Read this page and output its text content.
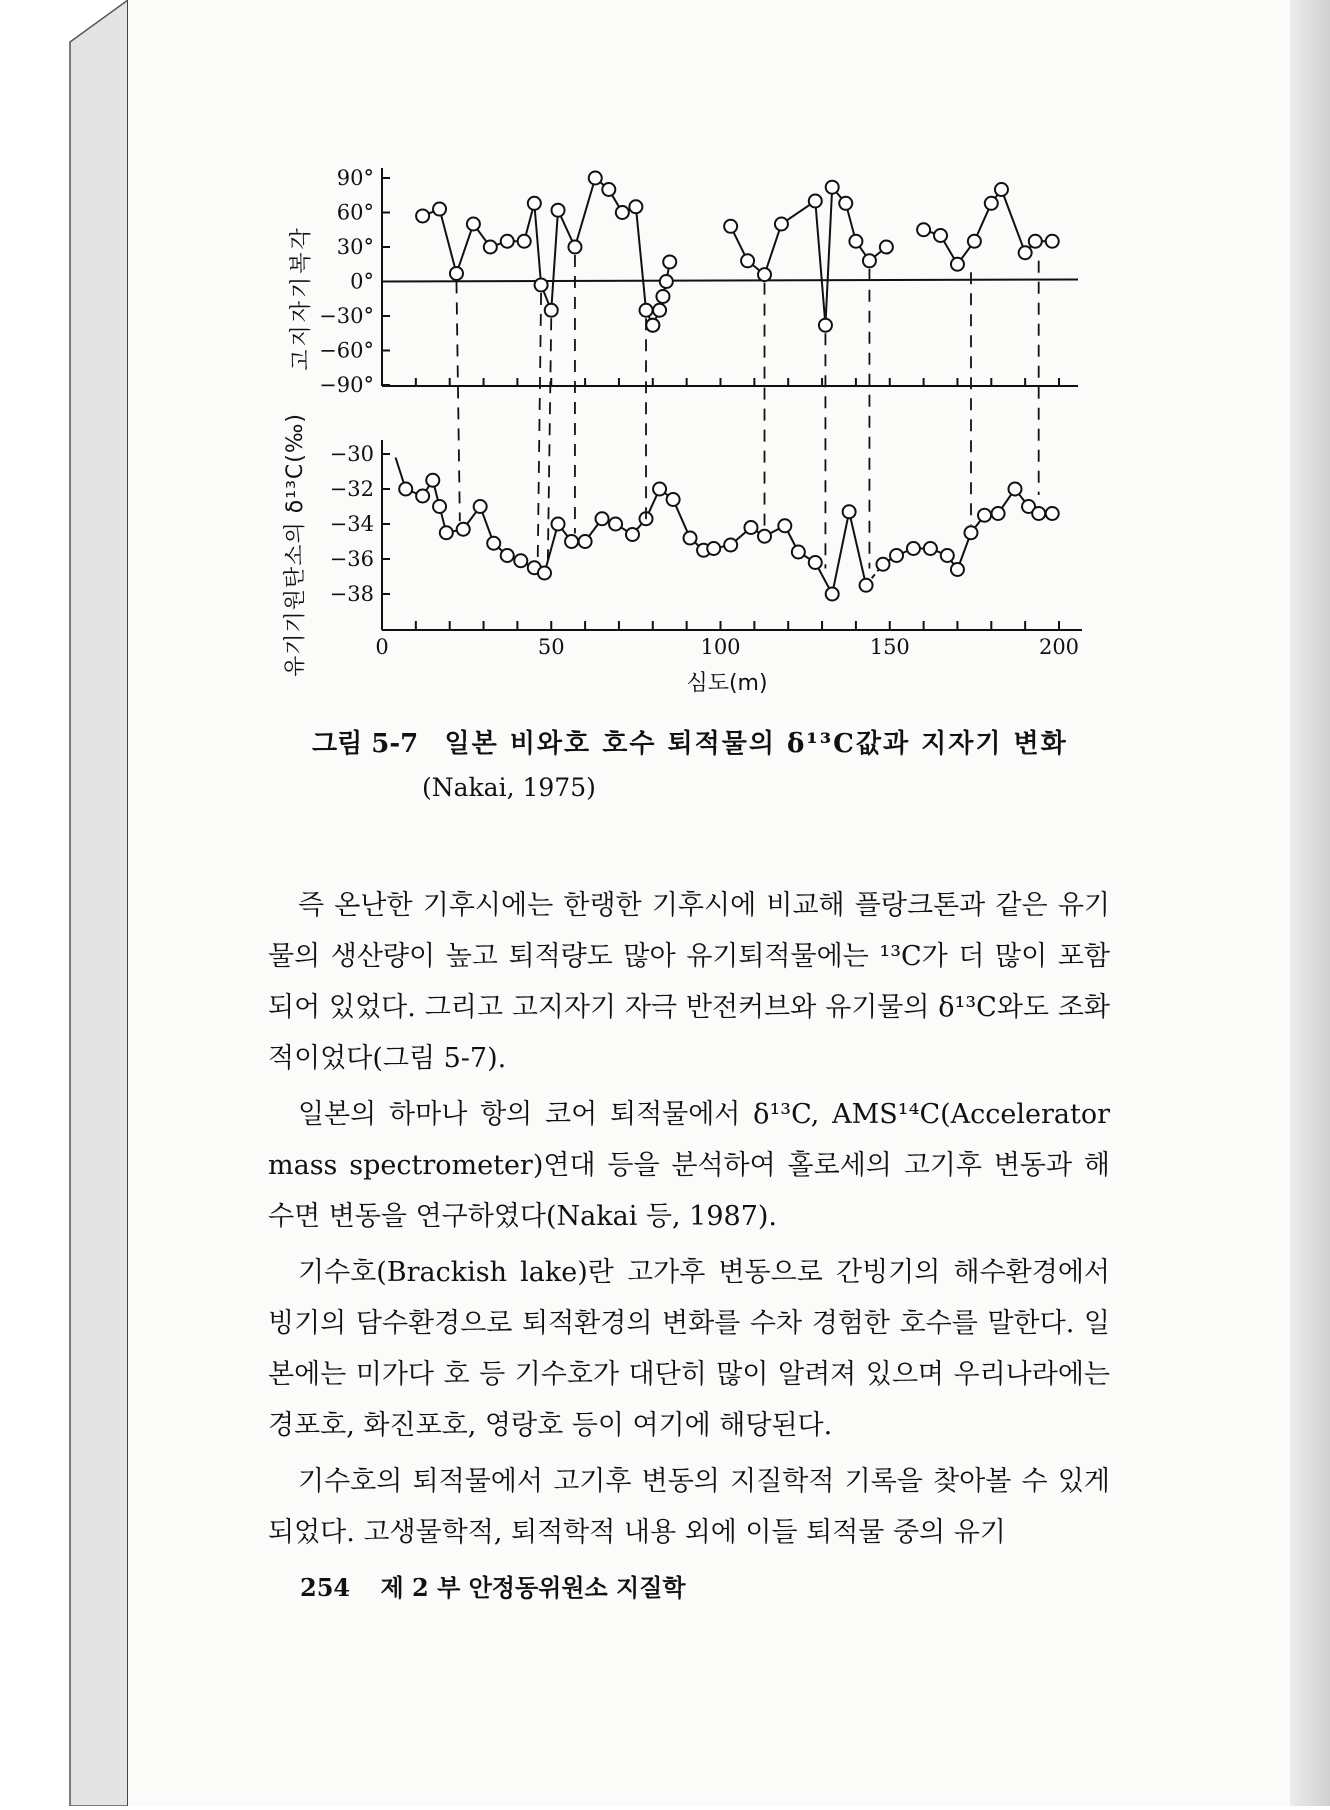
90°
60°
30°
0°
−30°
−60°
−90°
−30
−32
−34
−36
−38
0	50	100	150	200
고지자기복각
유기기원탄소의 δ¹³C(‰)
심도(m)
그림 5-7 일본 비와호 호수 퇴적물의 δ¹³C값과 지자기 변화
(Nakai, 1975)

즉 온난한 기후시에는 한랭한 기후시에 비교해 플랑크톤과 같은 유기물의 생산량이 높고 퇴적량도 많아 유기퇴적물에는 ¹³C가 더 많이 포함되어 있었다. 그리고 고지자기 자극 반전커브와 유기물의 δ¹³C와도 조화적이었다(그림 5-7).

일본의 하마나 항의 코어 퇴적물에서 δ¹³C, AMS¹⁴C(Accelerator mass spectrometer)연대 등을 분석하여 홀로세의 고기후 변동과 해수면 변동을 연구하였다(Nakai 등, 1987).

기수호(Brackish lake)란 고가후 변동으로 간빙기의 해수환경에서 빙기의 담수환경으로 퇴적환경의 변화를 수차 경험한 호수를 말한다. 일본에는 미가다 호 등 기수호가 대단히 많이 알려져 있으며 우리나라에는 경포호, 화진포호, 영랑호 등이 여기에 해당된다.

기수호의 퇴적물에서 고기후 변동의 지질학적 기록을 찾아볼 수 있게 되었다. 고생물학적, 퇴적학적 내용 외에 이들 퇴적물 중의 유기

254 제 2 부 안정동위원소 지질학
